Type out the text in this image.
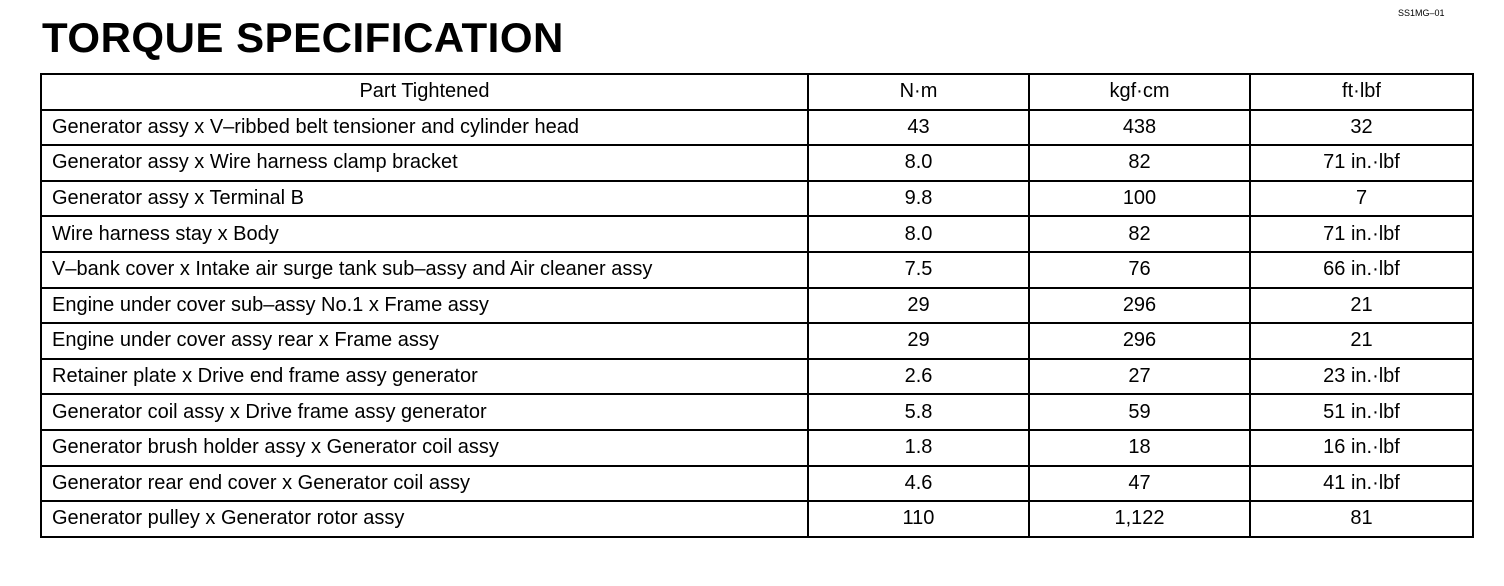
TORQUE SPECIFICATION
SS1MG–01
Part Tightened	N·m	kgf·cm	ft·lbf
Generator assy x V–ribbed belt tensioner and cylinder head	43	438	32
Generator assy x Wire harness clamp bracket	8.0	82	71 in.·lbf
Generator assy x Terminal B	9.8	100	7
Wire harness stay x Body	8.0	82	71 in.·lbf
V–bank cover x Intake air surge tank sub–assy and Air cleaner assy	7.5	76	66 in.·lbf
Engine under cover sub–assy No.1 x Frame assy	29	296	21
Engine under cover assy rear x Frame assy	29	296	21
Retainer plate x Drive end frame assy generator	2.6	27	23 in.·lbf
Generator coil assy x Drive frame assy generator	5.8	59	51 in.·lbf
Generator brush holder assy x Generator coil assy	1.8	18	16 in.·lbf
Generator rear end cover x Generator coil assy	4.6	47	41 in.·lbf
Generator pulley x Generator rotor assy	110	1,122	81
